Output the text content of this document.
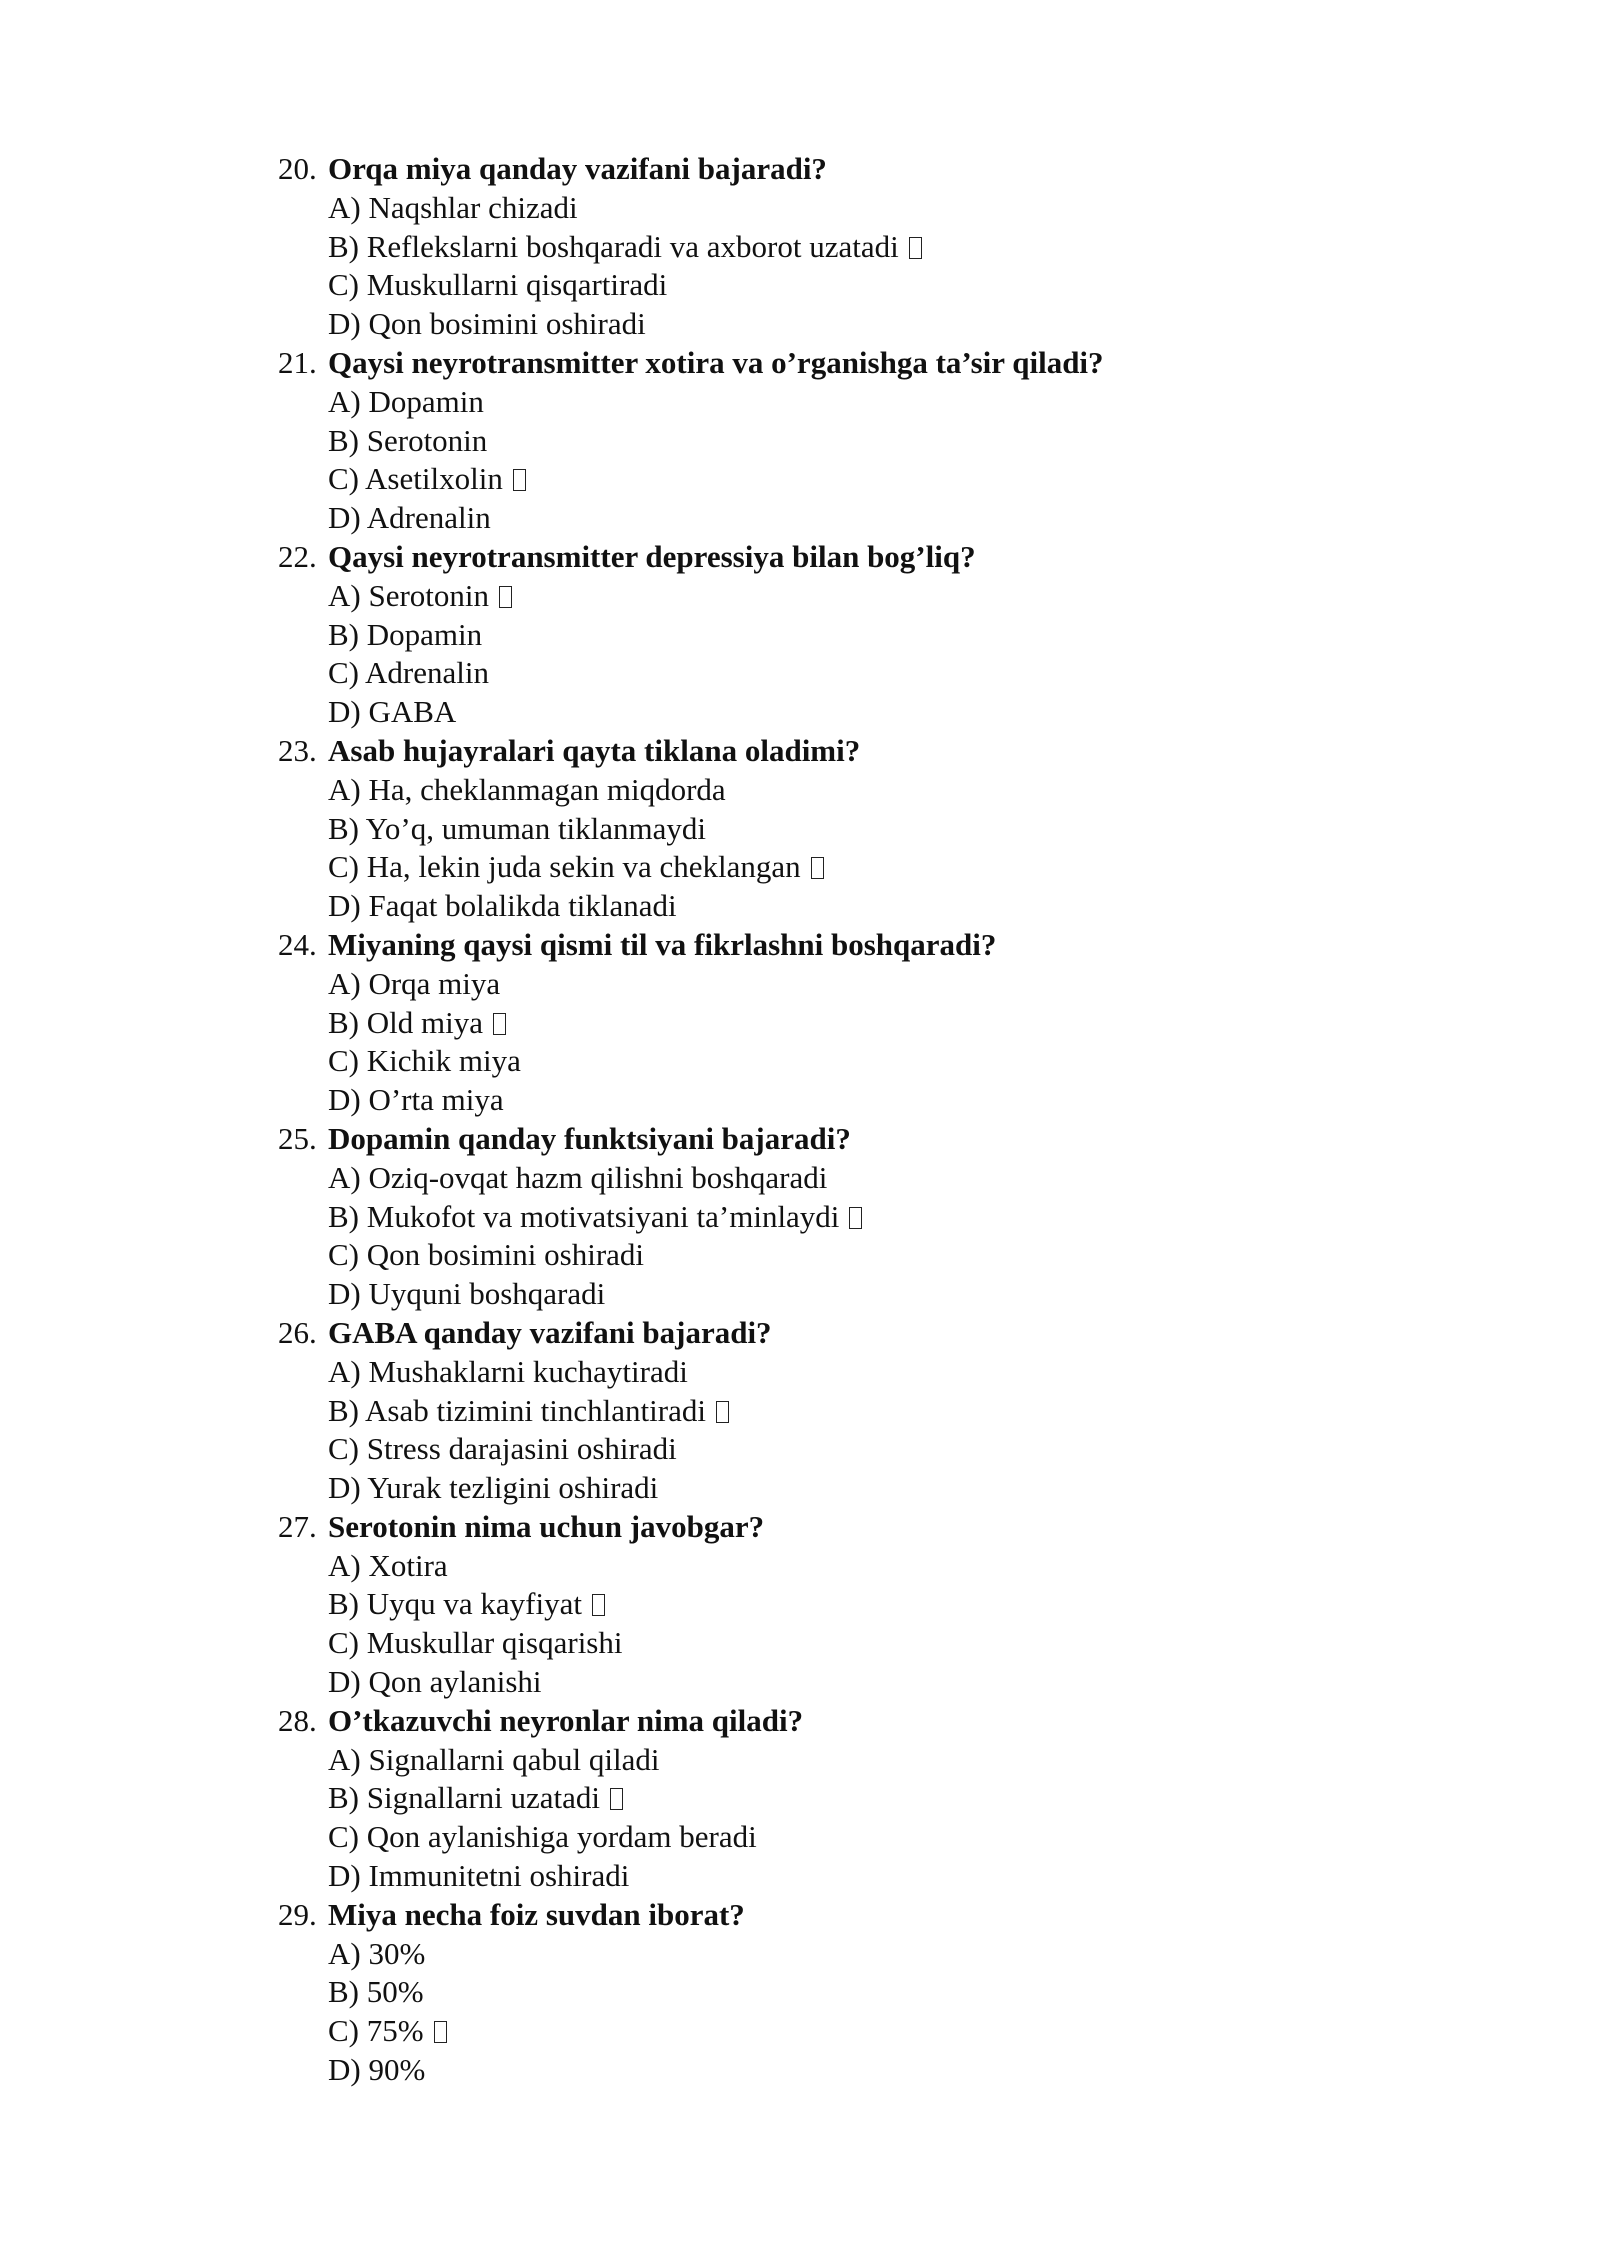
20. Orqa miya qanday vazifani bajaradi?
A) Naqshlar chizadi
B) Reflekslarni boshqaradi va axborot uzatadi
C) Muskullarni qisqartiradi
D) Qon bosimini oshiradi
21. Qaysi neyrotransmitter xotira va o’rganishga ta’sir qiladi?
A) Dopamin
B) Serotonin
C) Asetilxolin
D) Adrenalin
22. Qaysi neyrotransmitter depressiya bilan bog’liq?
A) Serotonin
B) Dopamin
C) Adrenalin
D) GABA
23. Asab hujayralari qayta tiklana oladimi?
A) Ha, cheklanmagan miqdorda
B) Yo’q, umuman tiklanmaydi
C) Ha, lekin juda sekin va cheklangan
D) Faqat bolalikda tiklanadi
24. Miyaning qaysi qismi til va fikrlashni boshqaradi?
A) Orqa miya
B) Old miya
C) Kichik miya
D) O’rta miya
25. Dopamin qanday funktsiyani bajaradi?
A) Oziq-ovqat hazm qilishni boshqaradi
B) Mukofot va motivatsiyani ta’minlaydi
C) Qon bosimini oshiradi
D) Uyquni boshqaradi
26. GABA qanday vazifani bajaradi?
A) Mushaklarni kuchaytiradi
B) Asab tizimini tinchlantiradi
C) Stress darajasini oshiradi
D) Yurak tezligini oshiradi
27. Serotonin nima uchun javobgar?
A) Xotira
B) Uyqu va kayfiyat
C) Muskullar qisqarishi
D) Qon aylanishi
28. O’tkazuvchi neyronlar nima qiladi?
A) Signallarni qabul qiladi
B) Signallarni uzatadi
C) Qon aylanishiga yordam beradi
D) Immunitetni oshiradi
29. Miya necha foiz suvdan iborat?
A) 30%
B) 50%
C) 75%
D) 90%
